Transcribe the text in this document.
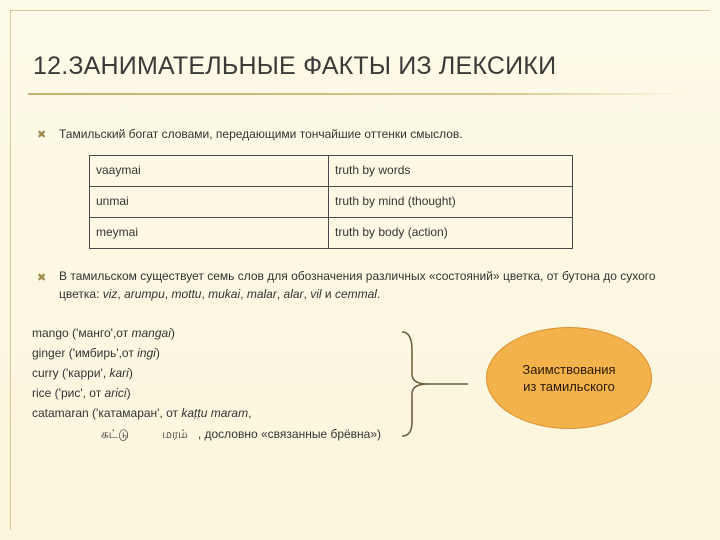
12.ЗАНИМАТЕЛЬНЫЕ ФАКТЫ ИЗ ЛЕКСИКИ
✖ Тамильский богат словами, передающими тончайшие оттенки смыслов.
vaaymai	truth by words
unmai	truth by mind (thought)
meymai	truth by body (action)
✖ В тамильском существует семь слов для обозначения различных «состояний» цветка, от бутона до сухого
цветка: viz, arumpu, mottu, mukai, malar, alar, vil и cemmal.
mango ('манго',от mangai)
ginger ('имбирь',от ingi)
curry ('карри', kari)
rice ('рис', от arici)
catamaran ('катамаран', от kaṭṭu maram,
கட்டு	மரம் , дословно «связанные брёвна»)
Заимствования
из тамильского
